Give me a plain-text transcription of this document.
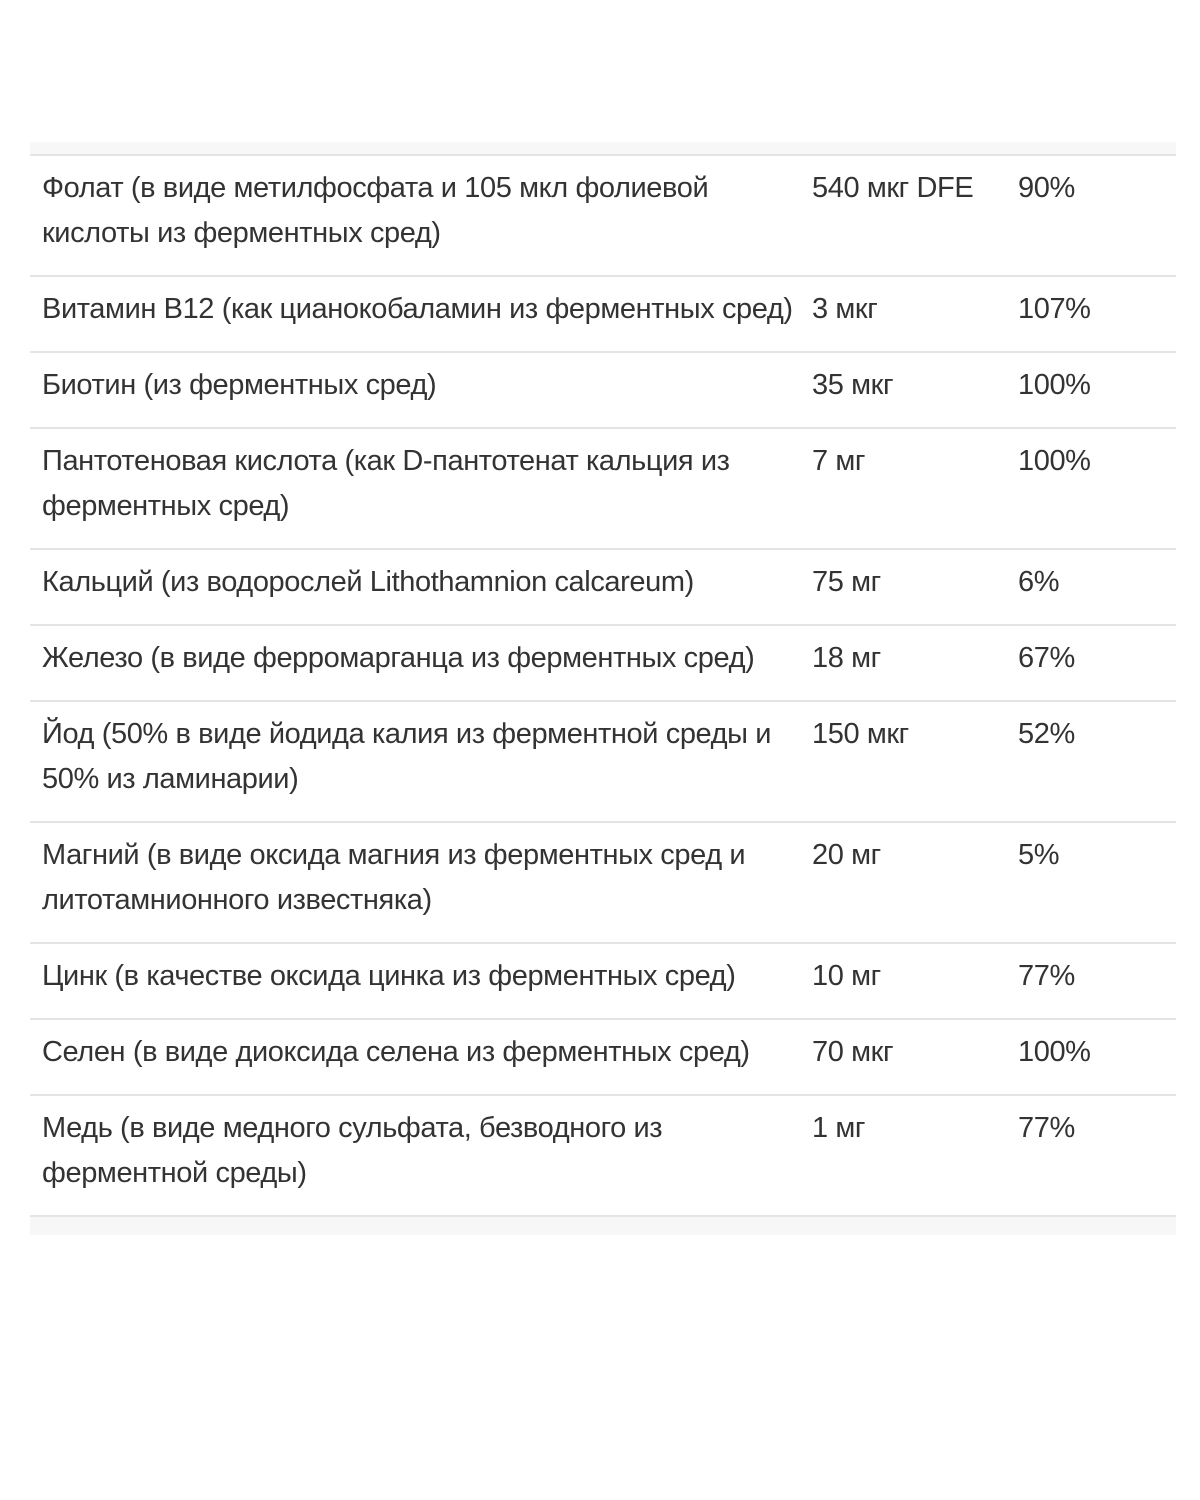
Фолат (в виде метилфосфата и 105 мкл фолиевой кислоты из ферментных сред)	540 мкг DFE	90%
Витамин B12 (как цианокобаламин из ферментных сред)	3 мкг	107%
Биотин (из ферментных сред)	35 мкг	100%
Пантотеновая кислота (как D-пантотенат кальция из ферментных сред)	7 мг	100%
Кальций (из водорослей Lithothamnion calcareum)	75 мг	6%
Железо (в виде ферромарганца из ферментных сред)	18 мг	67%
Йод (50% в виде йодида калия из ферментной среды и 50% из ламинарии)	150 мкг	52%
Магний (в виде оксида магния из ферментных сред и литотамнионного известняка)	20 мг	5%
Цинк (в качестве оксида цинка из ферментных сред)	10 мг	77%
Селен (в виде диоксида селена из ферментных сред)	70 мкг	100%
Медь (в виде медного сульфата, безводного из ферментной среды)	1 мг	77%
